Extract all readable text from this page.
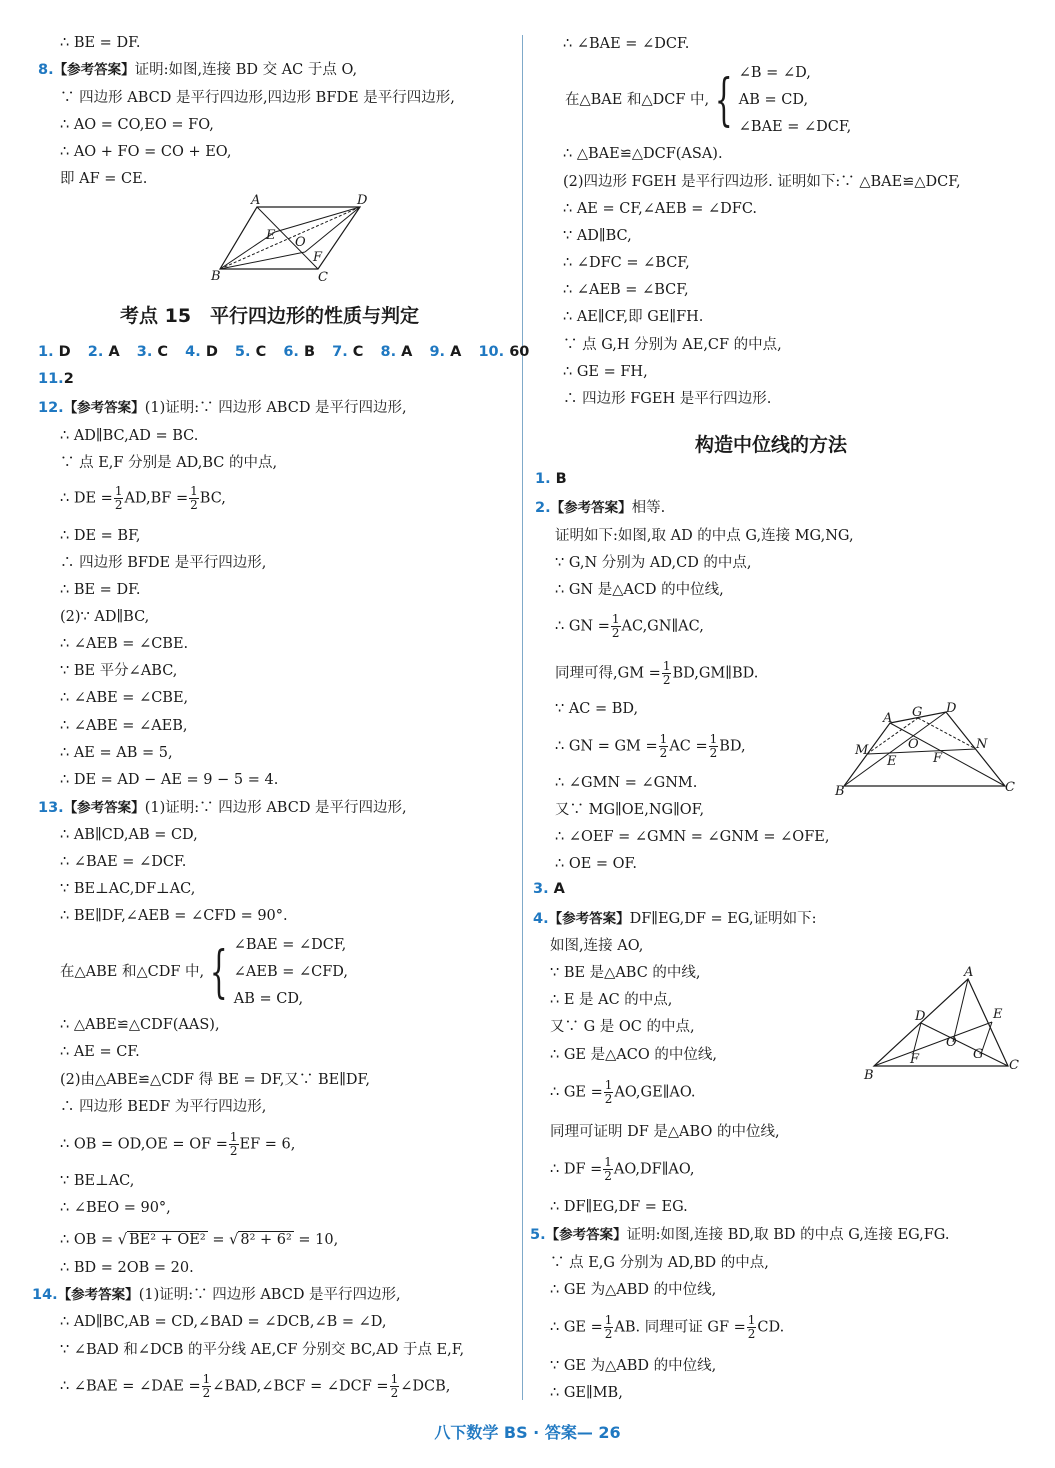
∴ BE = DF.
8.【参考答案】证明:如图,连接 BD 交 AC 于点 O,
∵ 四边形 ABCD 是平行四边形,四边形 BFDE 是平行四边形,
∴ AO = CO,EO = FO,
∴ AO + FO = CO + EO,
即 AF = CE.
A	D
B	C
E O
F
考点 15　平行四边形的性质与判定
1. D 2. A 3. C 4. D 5. C 6. B 7. C 8. A 9. A 10. 60
11.2
12.【参考答案】(1)证明:∵ 四边形 ABCD 是平行四边形,
∴ AD∥BC,AD = BC.
∵ 点 E,F 分别是 AD,BC 的中点,
∴ DE = $\frac{1}{2} AD,BF = \frac{1}{2}$ BC,
∴ DE = BF,
∴ 四边形 BFDE 是平行四边形,
∴ BE = DF.
(2)∵ AD∥BC,
∴ ∠AEB = ∠CBE.
∵ BE 平分∠ABC,
∴ ∠ABE = ∠CBE,
∴ ∠ABE = ∠AEB,
∴ AE = AB = 5,
∴ DE = AD − AE = 9 − 5 = 4.
13.【参考答案】(1)证明:∵ 四边形 ABCD 是平行四边形,
∴ AB∥CD,AB = CD,
∴ ∠BAE = ∠DCF.
∵ BE⊥AC,DF⊥AC,
∴ BE∥DF,∠AEB = ∠CFD = 90°.
在△ABE 和△CDF 中, { ∠BAE = ∠DCF,
∠AEB = ∠CFD,
AB = CD,
∴ △ABE≌△CDF(AAS),
∴ AE = CF.
(2)由△ABE≌△CDF 得 BE = DF,又∵ BE∥DF,
∴ 四边形 BEDF 为平行四边形,
∴ OB = OD,OE = OF = $\frac{1}{2}$ EF = 6,
∵ BE⊥AC,
∴ ∠BEO = 90°,
∴ OB = √ BE² + OE² = √ 8² + 6² = 10,
∴ BD = 2OB = 20.
14.【参考答案】(1)证明:∵ 四边形 ABCD 是平行四边形,
∴ AD∥BC,AB = CD,∠BAD = ∠DCB,∠B = ∠D,
∵ ∠BAD 和∠DCB 的平分线 AE,CF 分别交 BC,AD 于点 E,F,
∴ ∠BAE = ∠DAE = $\frac{1}{2}$ ∠BAD,∠BCF = ∠DCF = $\frac{1}{2}$ ∠DCB,
∴ ∠BAE = ∠DCF.
在△BAE 和△DCF 中, { ∠B = ∠D,
AB = CD,
∠BAE = ∠DCF,
∴ △BAE≌△DCF(ASA).
(2)四边形 FGEH 是平行四边形. 证明如下:∵ △BAE≌△DCF,
∴ AE = CF,∠AEB = ∠DFC.
∵ AD∥BC,
∴ ∠DFC = ∠BCF,
∴ ∠AEB = ∠BCF,
∴ AE∥CF,即 GE∥FH.
∵ 点 G,H 分别为 AE,CF 的中点,
∴ GE = FH,
∴ 四边形 FGEH 是平行四边形.
构造中位线的方法
1. B
2.【参考答案】相等.
证明如下:如图,取 AD 的中点 G,连接 MG,NG,
∵ G,N 分别为 AD,CD 的中点,
∴ GN 是△ACD 的中位线,
∴ GN = $\frac{1}{2}$ AC,GN∥AC,
同理可得$,GM = \frac{1}{2}$ BD,GM∥BD.
∵ AC = BD,
∴ GN = GM = $\frac{1}{2}$ AC = $\frac{1}{2}$ BD,
∴ ∠GMN = ∠GNM.
又∵ MG∥OE,NG∥OF,
∴ ∠OEF = ∠GMN = ∠GNM = ∠OFE,
∴ OE = OF.
A G D
M	O	N
E	F
B	C
3. A
4.【参考答案】DF∥EG,DF = EG,证明如下:
如图,连接 AO,
∵ BE 是△ABC 的中线,
∴ E 是 AC 的中点,
又∵ G 是 OC 的中点,
∴ GE 是△ACO 的中位线,
∴ GE = $\frac{1}{2}$ AO,GE∥AO.
同理可证明 DF 是△ABO 的中位线,
∴ DF = $\frac{1}{2}$ AO,DF∥AO,
∴ DF∥EG,DF = EG.
A
D	E
O
F	G
B
C
5.【参考答案】证明:如图,连接 BD,取 BD 的中点 G,连接 EG,FG.
∵ 点 E,G 分别为 AD,BD 的中点,
∴ GE 为△ABD 的中位线,
∴ GE = $\frac{1}{2}$ AB. 同理可证 GF = $\frac{1}{2}$ CD.
∵ GE 为△ABD 的中位线,
∴ GE∥MB,
八下数学 BS · 答案— 26
